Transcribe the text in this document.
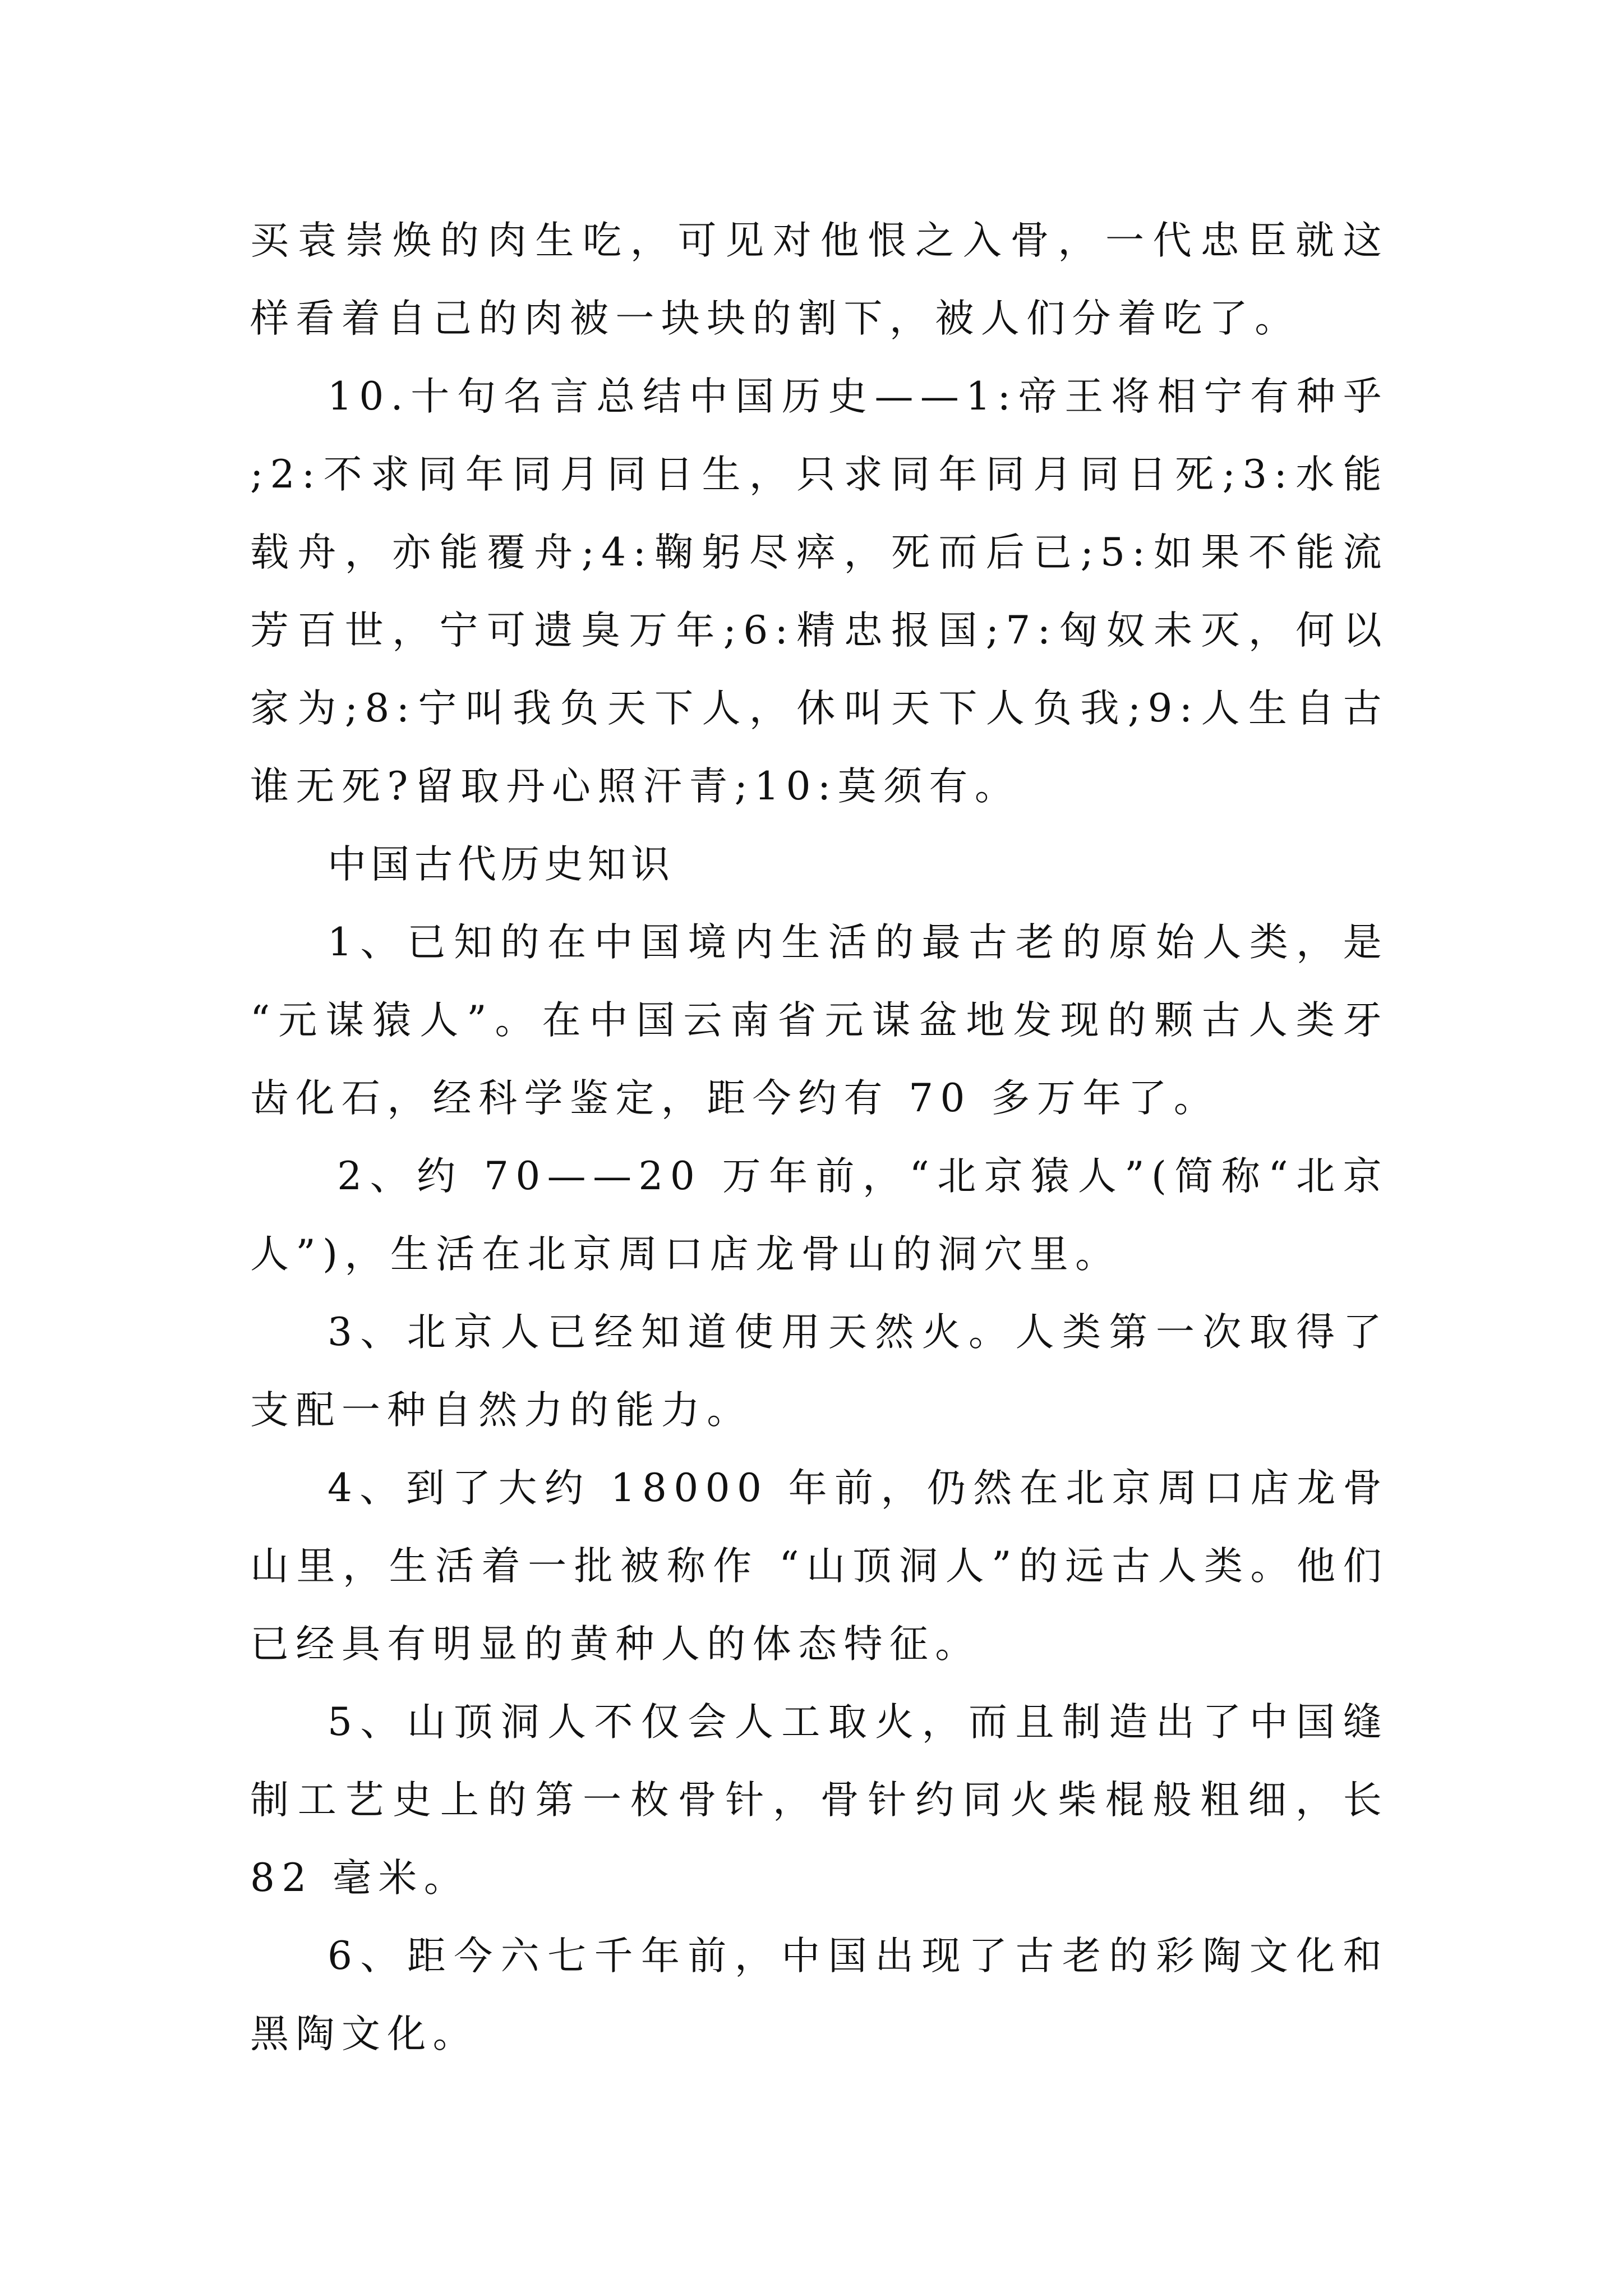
买袁崇焕的肉生吃，可见对他恨之入骨，一代忠臣就这样看着自己的肉被一块块的割下，被人们分着吃了。

10.十句名言总结中国历史——1:帝王将相宁有种乎;2:不求同年同月同日生，只求同年同月同日死;3:水能载舟，亦能覆舟;4:鞠躬尽瘁，死而后已;5:如果不能流芳百世，宁可遗臭万年;6:精忠报国;7:匈奴未灭，何以家为;8:宁叫我负天下人，休叫天下人负我;9:人生自古谁无死?留取丹心照汗青;10:莫须有。

中国古代历史知识

1、已知的在中国境内生活的最古老的原始人类，是“元谋猿人”。在中国云南省元谋盆地发现的颗古人类牙齿化石，经科学鉴定，距今约有 70 多万年了。

2、约 70——20 万年前，“北京猿人”(简称“北京人”)，生活在北京周口店龙骨山的洞穴里。

3、北京人已经知道使用天然火。人类第一次取得了支配一种自然力的能力。

4、到了大约 18000 年前，仍然在北京周口店龙骨山里，生活着一批被称作 “山顶洞人”的远古人类。他们已经具有明显的黄种人的体态特征。

5、山顶洞人不仅会人工取火，而且制造出了中国缝制工艺史上的第一枚骨针，骨针约同火柴棍般粗细，长 82 毫米。

6、距今六七千年前，中国出现了古老的彩陶文化和黑陶文化。
